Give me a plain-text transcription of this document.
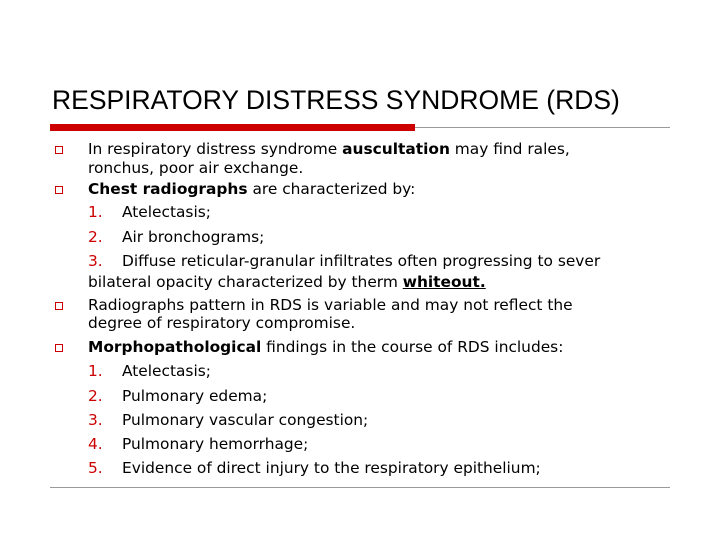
RESPIRATORY DISTRESS SYNDROME (RDS)
In respiratory distress syndrome auscultation may find rales,
ronchus, poor air exchange.
Chest radiographs are characterized by:
1. Atelectasis;
2. Air bronchograms;
3. Diffuse reticular-granular infiltrates often progressing to sever
bilateral opacity characterized by therm whiteout.
Radiographs pattern in RDS is variable and may not reflect the
degree of respiratory compromise.
Morphopathological findings in the course of RDS includes:
1. Atelectasis;
2. Pulmonary edema;
3. Pulmonary vascular congestion;
4. Pulmonary hemorrhage;
5. Evidence of direct injury to the respiratory epithelium;
